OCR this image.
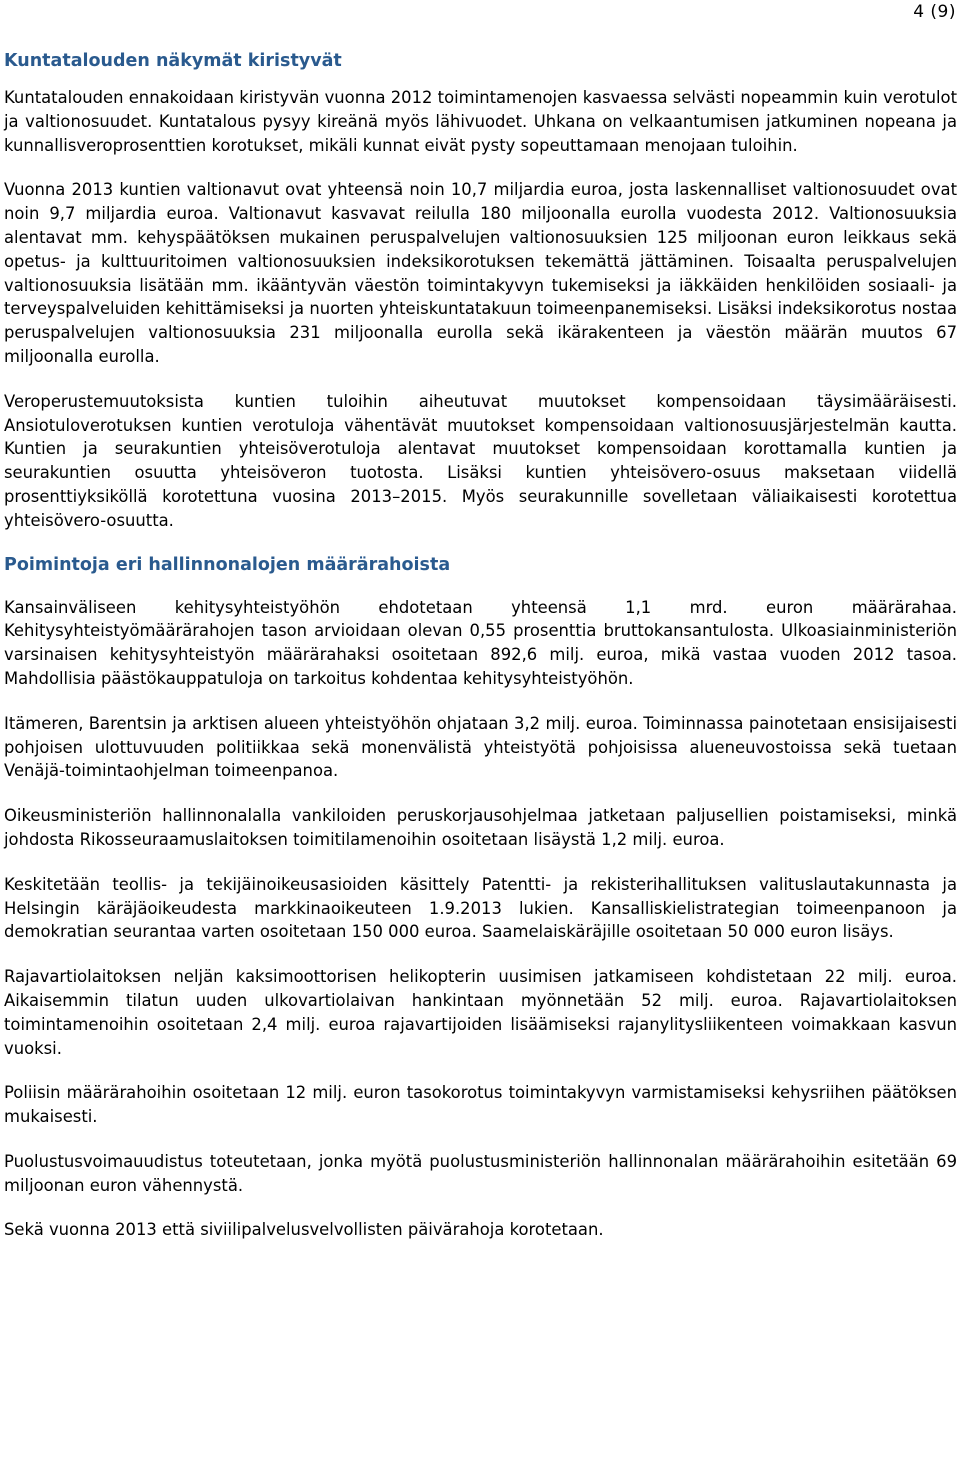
4 (9)
Kuntatalouden näkymät kiristyvät

Kuntatalouden ennakoidaan kiristyvän vuonna 2012 toimintamenojen kasvaessa selvästi nopeammin kuin verotulot ja valtionosuudet. Kuntatalous pysyy kireänä myös lähivuodet. Uhkana on velkaantumisen jatkuminen nopeana ja kunnallisveroprosenttien korotukset, mikäli kunnat eivät pysty sopeuttamaan menojaan tuloihin.

Vuonna 2013 kuntien valtionavut ovat yhteensä noin 10,7 miljardia euroa, josta laskennalliset valtionosuudet ovat noin 9,7 miljardia euroa. Valtionavut kasvavat reilulla 180 miljoonalla eurolla vuodesta 2012. Valtionosuuksia alentavat mm. kehyspäätöksen mukainen peruspalvelujen valtionosuuksien 125 miljoonan euron leikkaus sekä opetus- ja kulttuuritoimen valtionosuuksien indeksikorotuksen tekemättä jättäminen. Toisaalta peruspalvelujen valtionosuuksia lisätään mm. ikääntyvän väestön toimintakyvyn tukemiseksi ja iäkkäiden henkilöiden sosiaali- ja terveyspalveluiden kehittämiseksi ja nuorten yhteiskuntatakuun toimeenpanemiseksi. Lisäksi indeksikorotus nostaa peruspalvelujen valtionosuuksia 231 miljoonalla eurolla sekä ikärakenteen ja väestön määrän muutos 67 miljoonalla eurolla.

Veroperustemuutoksista kuntien tuloihin aiheutuvat muutokset kompensoidaan täysimääräisesti. Ansiotuloverotuksen kuntien verotuloja vähentävät muutokset kompensoidaan valtionosuusjärjestelmän kautta. Kuntien ja seurakuntien yhteisöverotuloja alentavat muutokset kompensoidaan korottamalla kuntien ja seurakuntien osuutta yhteisöveron tuotosta. Lisäksi kuntien yhteisövero-osuus maksetaan viidellä prosenttiyksiköllä korotettuna vuosina 2013–2015. Myös seurakunnille sovelletaan väliaikaisesti korotettua yhteisövero-osuutta.

Poimintoja eri hallinnonalojen määrärahoista

Kansainväliseen kehitysyhteistyöhön ehdotetaan yhteensä 1,1 mrd. euron määrärahaa. Kehitysyhteistyömäärärahojen tason arvioidaan olevan 0,55 prosenttia bruttokansantulosta. Ulkoasiainministeriön varsinaisen kehitysyhteistyön määrärahaksi osoitetaan 892,6 milj. euroa, mikä vastaa vuoden 2012 tasoa. Mahdollisia päästökauppatuloja on tarkoitus kohdentaa kehitysyhteistyöhön.

Itämeren, Barentsin ja arktisen alueen yhteistyöhön ohjataan 3,2 milj. euroa. Toiminnassa painotetaan ensisijaisesti pohjoisen ulottuvuuden politiikkaa sekä monenvälistä yhteistyötä pohjoisissa alueneuvostoissa sekä tuetaan Venäjä-toimintaohjelman toimeenpanoa.

Oikeusministeriön hallinnonalalla vankiloiden peruskorjausohjelmaa jatketaan paljusellien poistamiseksi, minkä johdosta Rikosseuraamuslaitoksen toimitilamenoihin osoitetaan lisäystä 1,2 milj. euroa.

Keskitetään teollis- ja tekijäinoikeusasioiden käsittely Patentti- ja rekisterihallituksen valituslautakunnasta ja Helsingin käräjäoikeudesta markkinaoikeuteen 1.9.2013 lukien. Kansalliskielistrategian toimeenpanoon ja demokratian seurantaa varten osoitetaan 150 000 euroa. Saamelaiskäräjille osoitetaan 50 000 euron lisäys.

Rajavartiolaitoksen neljän kaksimoottorisen helikopterin uusimisen jatkamiseen kohdistetaan 22 milj. euroa. Aikaisemmin tilatun uuden ulkovartiolaivan hankintaan myönnetään 52 milj. euroa. Rajavartiolaitoksen toimintamenoihin osoitetaan 2,4 milj. euroa rajavartijoiden lisäämiseksi rajanylitysliikenteen voimakkaan kasvun vuoksi.

Poliisin määrärahoihin osoitetaan 12 milj. euron tasokorotus toimintakyvyn varmistamiseksi kehysriihen päätöksen mukaisesti.

Puolustusvoimauudistus toteutetaan, jonka myötä puolustusministeriön hallinnonalan määrärahoihin esitetään 69 miljoonan euron vähennystä.

Sekä vuonna 2013 että siviilipalvelusvelvollisten päivärahoja korotetaan.
